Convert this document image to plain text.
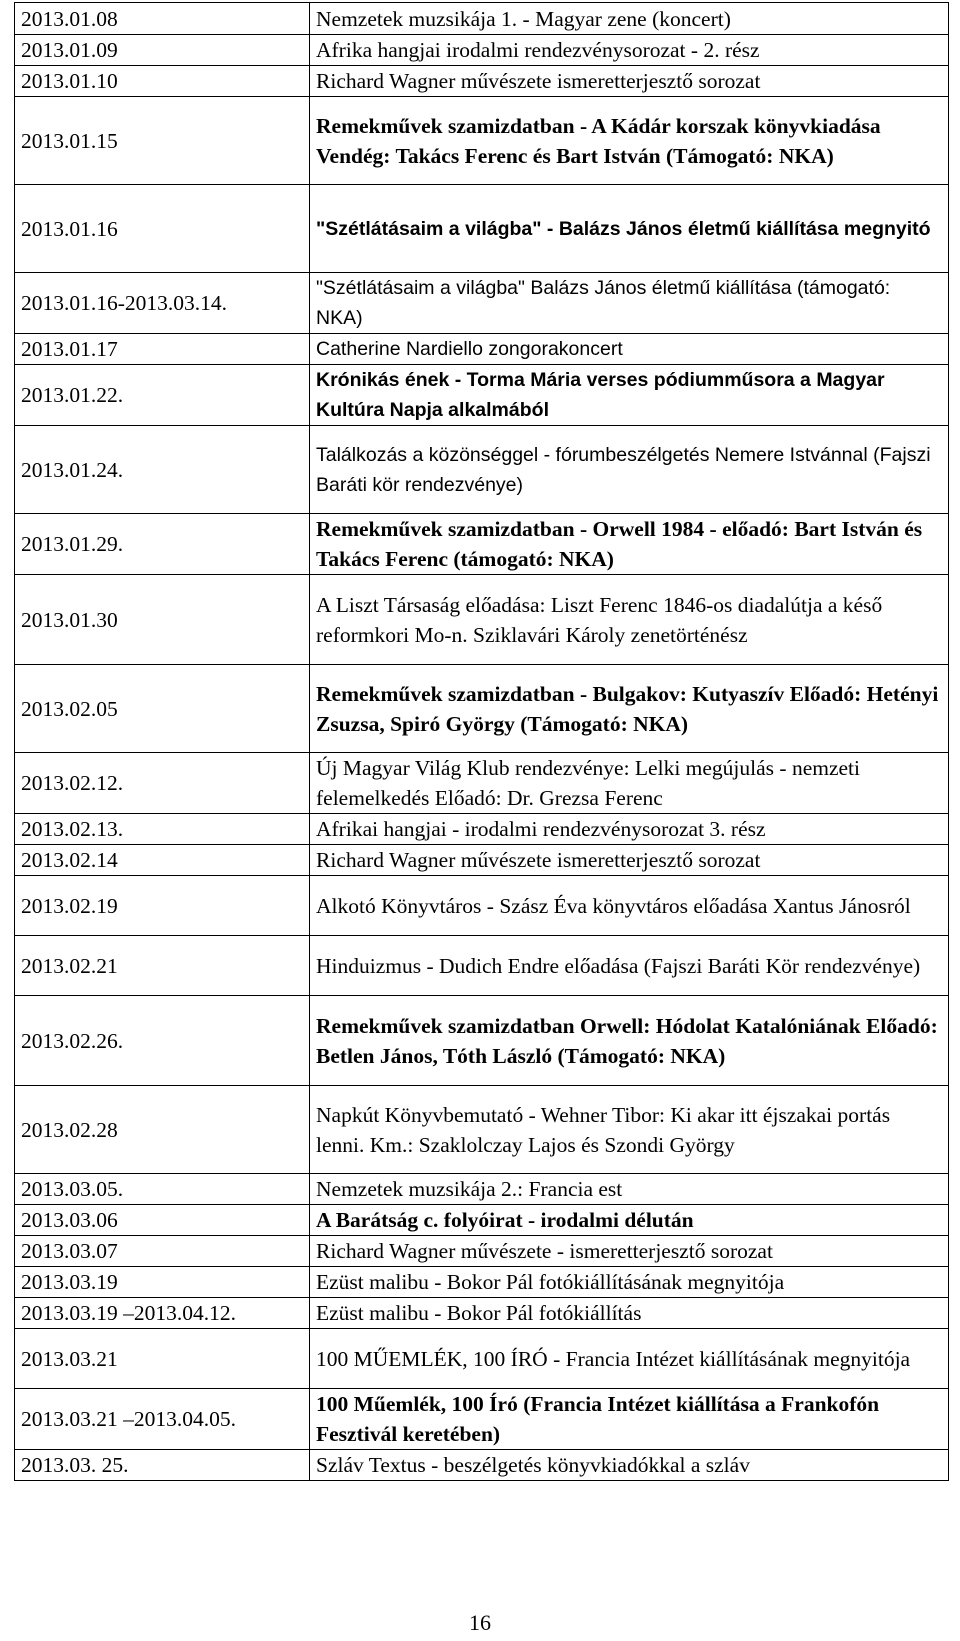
2013.01.08	Nemzetek muzsikája 1. - Magyar zene (koncert)
2013.01.09	Afrika hangjai irodalmi rendezvénysorozat - 2. rész
2013.01.10	Richard Wagner művészete ismeretterjesztő sorozat
2013.01.15	Remekművek szamizdatban - A Kádár korszak könyvkiadása Vendég: Takács Ferenc és Bart István (Támogató: NKA)
2013.01.16	"Szétlátásaim a világba" - Balázs János életmű kiállítása megnyitó
2013.01.16-2013.03.14.	"Szétlátásaim a világba" Balázs János életmű kiállítása (támogató: NKA)
2013.01.17	Catherine Nardiello zongorakoncert
2013.01.22.	Krónikás ének - Torma Mária verses pódiumműsora a Magyar Kultúra Napja alkalmából
2013.01.24.	Találkozás a közönséggel - fórumbeszélgetés Nemere Istvánnal (Fajszi Baráti kör rendezvénye)
2013.01.29.	Remekművek szamizdatban - Orwell 1984 - előadó: Bart István és Takács Ferenc (támogató: NKA)
2013.01.30	A Liszt Társaság előadása: Liszt Ferenc 1846-os diadalútja a késő reformkori Mo-n. Sziklavári Károly zenetörténész
2013.02.05	Remekművek szamizdatban - Bulgakov: Kutyaszív Előadó: Hetényi Zsuzsa, Spiró György (Támogató: NKA)
2013.02.12.	Új Magyar Világ Klub rendezvénye: Lelki megújulás - nemzeti felemelkedés Előadó: Dr. Grezsa Ferenc
2013.02.13.	Afrikai hangjai - irodalmi rendezvénysorozat 3. rész
2013.02.14	Richard Wagner művészete ismeretterjesztő sorozat
2013.02.19	Alkotó Könyvtáros - Szász Éva könyvtáros előadása Xantus Jánosról
2013.02.21	Hinduizmus - Dudich Endre előadása (Fajszi Baráti Kör rendezvénye)
2013.02.26.	Remekművek szamizdatban Orwell: Hódolat Katalóniának Előadó: Betlen János, Tóth László (Támogató: NKA)
2013.02.28	Napkút Könyvbemutató - Wehner Tibor: Ki akar itt éjszakai portás lenni. Km.: Szaklolczay Lajos és Szondi György
2013.03.05.	Nemzetek muzsikája 2.: Francia est
2013.03.06	A Barátság c. folyóirat - irodalmi délután
2013.03.07	Richard Wagner művészete - ismeretterjesztő sorozat
2013.03.19	Ezüst malibu - Bokor Pál fotókiállításának megnyitója
2013.03.19 –2013.04.12.	Ezüst malibu - Bokor Pál fotókiállítás
2013.03.21	100 MŰEMLÉK, 100 ÍRÓ - Francia Intézet kiállításának megnyitója
2013.03.21 –2013.04.05.	100 Műemlék, 100 Író (Francia Intézet kiállítása a Frankofón Fesztivál keretében)
2013.03. 25.	Szláv Textus - beszélgetés könyvkiadókkal a szláv
16
